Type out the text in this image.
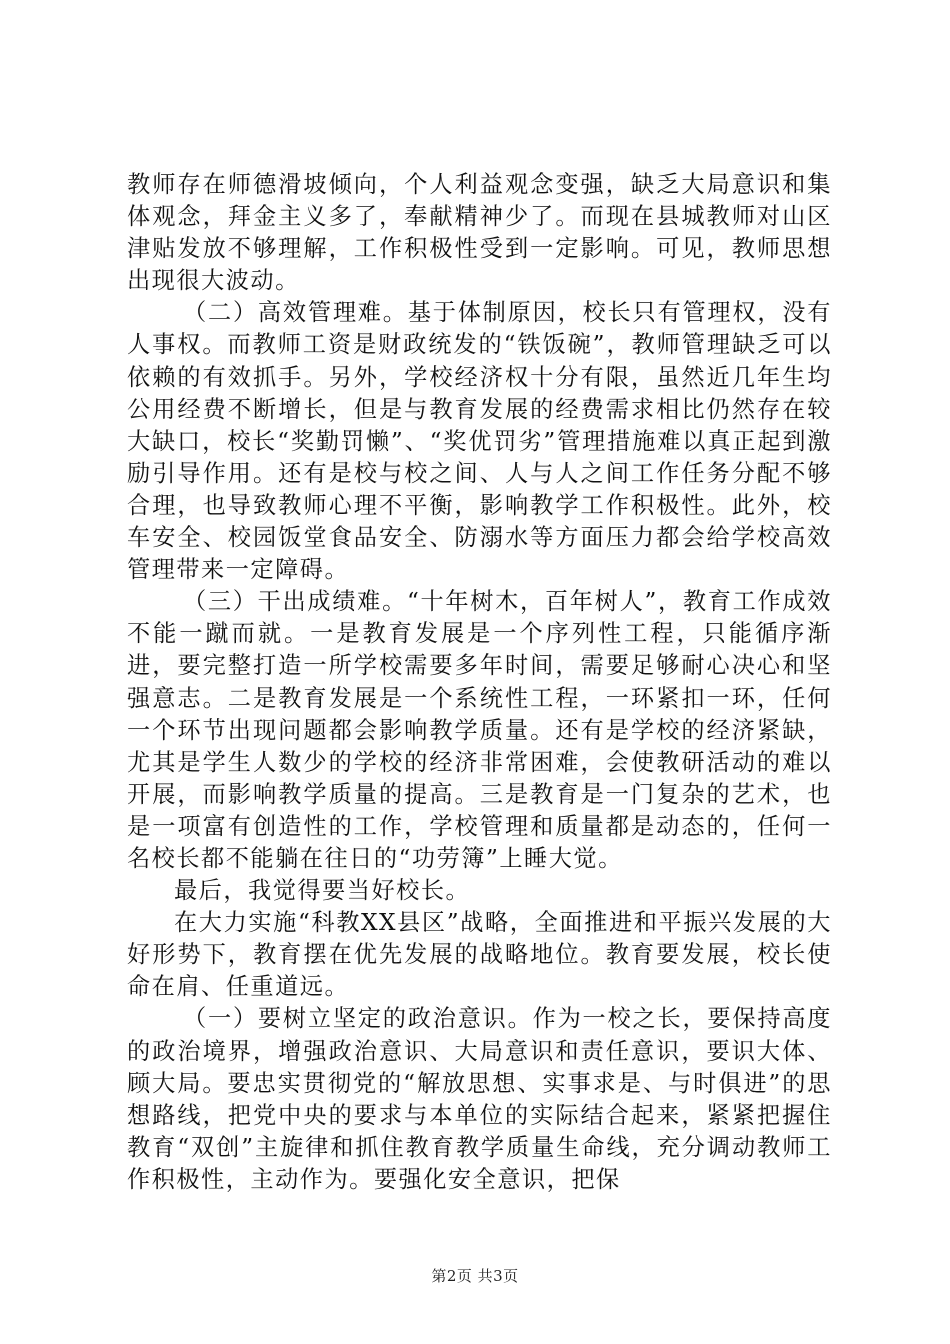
教师存在师德滑坡倾向，个人利益观念变强，缺乏大局意识和集体观念，拜金主义多了，奉献精神少了。而现在县城教师对山区津贴发放不够理解，工作积极性受到一定影响。可见，教师思想出现很大波动。

（二）高效管理难。基于体制原因，校长只有管理权，没有人事权。而教师工资是财政统发的“铁饭碗”，教师管理缺乏可以依赖的有效抓手。另外，学校经济权十分有限，虽然近几年生均公用经费不断增长，但是与教育发展的经费需求相比仍然存在较大缺口，校长“奖勤罚懒”、“奖优罚劣”管理措施难以真正起到激励引导作用。还有是校与校之间、人与人之间工作任务分配不够合理，也导致教师心理不平衡，影响教学工作积极性。此外，校车安全、校园饭堂食品安全、防溺水等方面压力都会给学校高效管理带来一定障碍。

（三）干出成绩难。“十年树木，百年树人”，教育工作成效不能一蹴而就。一是教育发展是一个序列性工程，只能循序渐进，要完整打造一所学校需要多年时间，需要足够耐心决心和坚强意志。二是教育发展是一个系统性工程，一环紧扣一环，任何一个环节出现问题都会影响教学质量。还有是学校的经济紧缺，尤其是学生人数少的学校的经济非常困难，会使教研活动的难以开展，而影响教学质量的提高。三是教育是一门复杂的艺术，也是一项富有创造性的工作，学校管理和质量都是动态的，任何一名校长都不能躺在往日的“功劳簿”上睡大觉。

最后，我觉得要当好校长。

在大力实施“科教XX县区”战略，全面推进和平振兴发展的大好形势下，教育摆在优先发展的战略地位。教育要发展，校长使命在肩、任重道远。

（一）要树立坚定的政治意识。作为一校之长，要保持高度的政治境界，增强政治意识、大局意识和责任意识，要识大体、顾大局。要忠实贯彻党的“解放思想、实事求是、与时俱进”的思想路线，把党中央的要求与本单位的实际结合起来，紧紧把握住教育“双创”主旋律和抓住教育教学质量生命线，充分调动教师工作积极性，主动作为。要强化安全意识，把保

第2页 共3页
